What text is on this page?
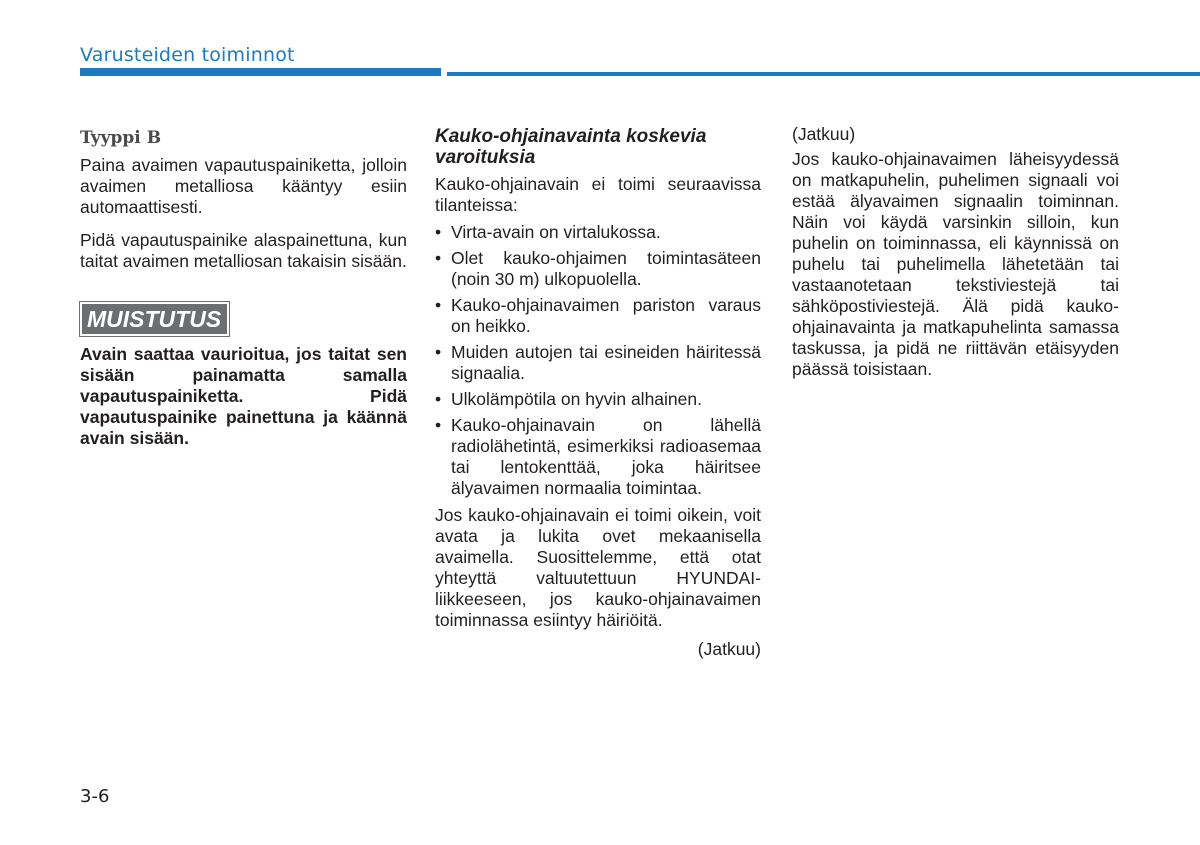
Varusteiden toiminnot
Tyyppi B

Paina avaimen vapautuspainiketta, jolloin avaimen metalliosa kääntyy esiin automaattisesti.

Pidä vapautuspainike alaspainettuna, kun taitat avaimen metalliosan takaisin sisään.

MUISTUTUS

Avain saattaa vaurioitua, jos taitat sen sisään painamatta samalla vapautuspainiketta. Pidä vapautuspainike painettuna ja käännä avain sisään.

Kauko-ohjainavainta koskevia varoituksia

Kauko-ohjainavain ei toimi seuraavissa tilanteissa:

• Virta-avain on virtalukossa.
• Olet kauko-ohjaimen toimintasäteen (noin 30 m) ulkopuolella.
• Kauko-ohjainavaimen pariston varaus on heikko.
• Muiden autojen tai esineiden häiritessä signaalia.
• Ulkolämpötila on hyvin alhainen.
• Kauko-ohjainavain on lähellä radiolähetintä, esimerkiksi radioasemaa tai lentokenttää, joka häiritsee älyavaimen normaalia toimintaa.

Jos kauko-ohjainavain ei toimi oikein, voit avata ja lukita ovet mekaanisella avaimella. Suosittelemme, että otat yhteyttä valtuutettuun HYUNDAI-liikkeeseen, jos kauko-ohjainavaimen toiminnassa esiintyy häiriöitä.

(Jatkuu)

(Jatkuu)

Jos kauko-ohjainavaimen läheisyydessä on matkapuhelin, puhelimen signaali voi estää älyavaimen signaalin toiminnan. Näin voi käydä varsinkin silloin, kun puhelin on toiminnassa, eli käynnissä on puhelu tai puhelimella lähetetään tai vastaanotetaan tekstiviestejä tai sähköpostiviestejä. Älä pidä kauko-ohjainavainta ja matkapuhelinta samassa taskussa, ja pidä ne riittävän etäisyyden päässä toisistaan.

3-6
